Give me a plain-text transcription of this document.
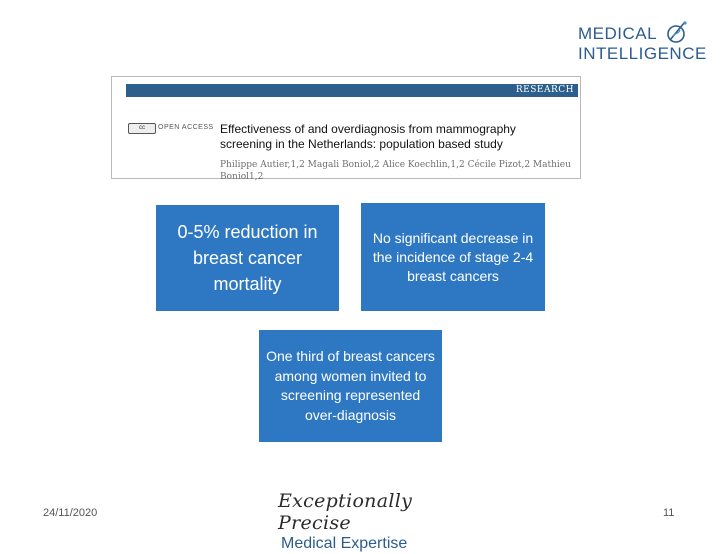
MEDICAL
INTELLIGENCE
RESEARCH
cc	OPEN ACCESS Effectiveness of and overdiagnosis from mammography screening in the Netherlands: population based study
Philippe Autier,1,2 Magali Boniol,2 Alice Koechlin,1,2 Cécile Pizot,2 Mathieu Boniol1,2
0-5% reduction in breast cancer mortality
No significant decrease in the incidence of stage 2-4 breast cancers
One third of breast cancers among women invited to screening represented over-diagnosis
24/11/2020
Exceptionally Precise
Medical Expertise
11
